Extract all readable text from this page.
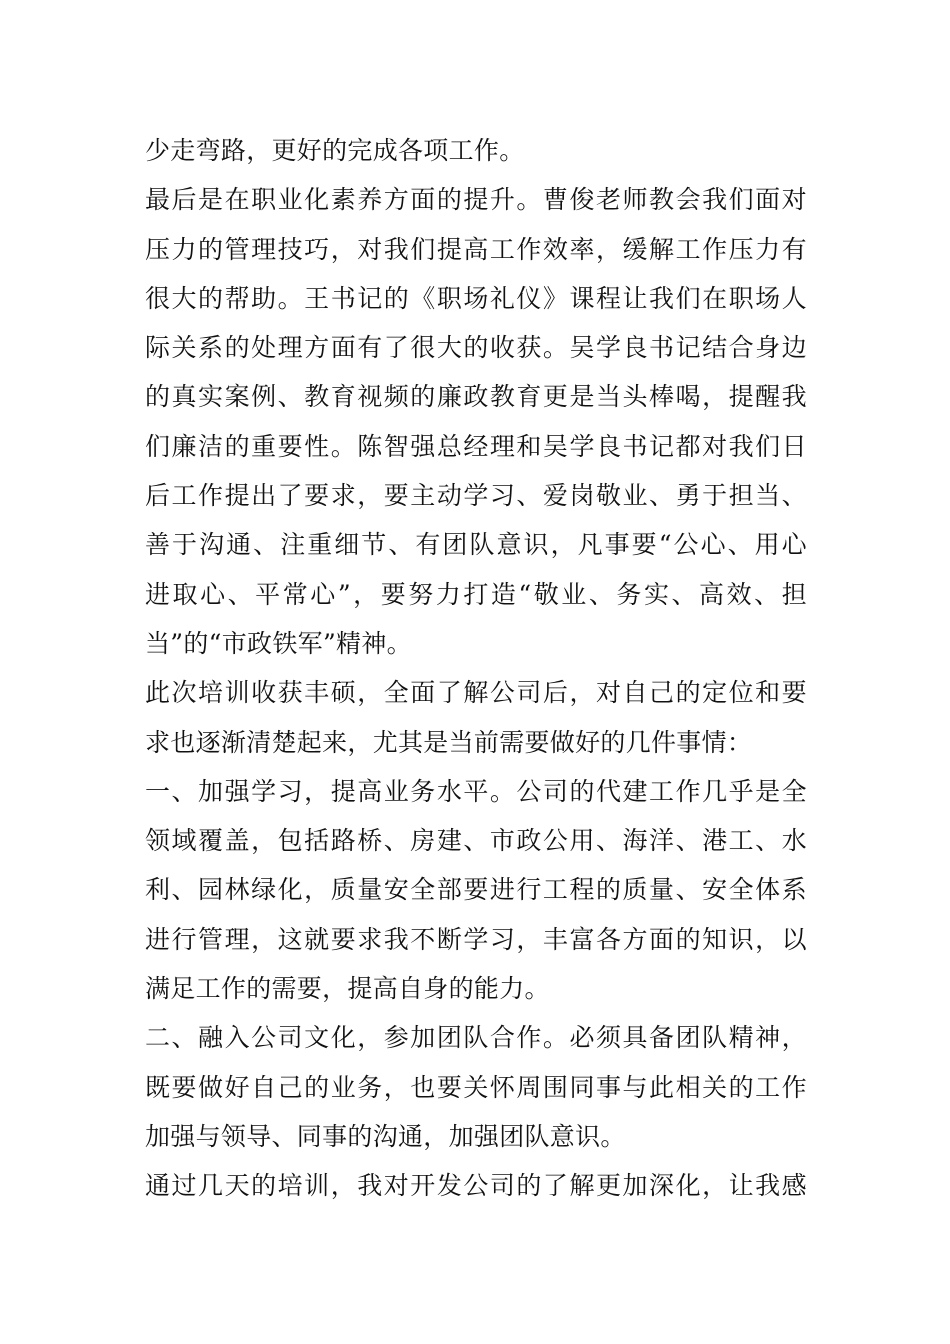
少走弯路，更好的完成各项工作。
最后是在职业化素养方面的提升。曹俊老师教会我们面对
压力的管理技巧，对我们提高工作效率，缓解工作压力有
很大的帮助。王书记的《职场礼仪》课程让我们在职场人
际关系的处理方面有了很大的收获。吴学良书记结合身边
的真实案例、教育视频的廉政教育更是当头棒喝，提醒我
们廉洁的重要性。陈智强总经理和吴学良书记都对我们日
后工作提出了要求，要主动学习、爱岗敬业、勇于担当、
善于沟通、注重细节、有团队意识，凡事要“公心、用心
进取心、平常心”，要努力打造“敬业、务实、高效、担
当”的“市政铁军”精神。
此次培训收获丰硕，全面了解公司后，对自己的定位和要
求也逐渐清楚起来，尤其是当前需要做好的几件事情：
一、加强学习，提高业务水平。公司的代建工作几乎是全
领域覆盖，包括路桥、房建、市政公用、海洋、港工、水
利、园林绿化，质量安全部要进行工程的质量、安全体系
进行管理，这就要求我不断学习，丰富各方面的知识，以
满足工作的需要，提高自身的能力。
二、融入公司文化，参加团队合作。必须具备团队精神，
既要做好自己的业务，也要关怀周围同事与此相关的工作
加强与领导、同事的沟通，加强团队意识。
通过几天的培训，我对开发公司的了解更加深化，让我感
